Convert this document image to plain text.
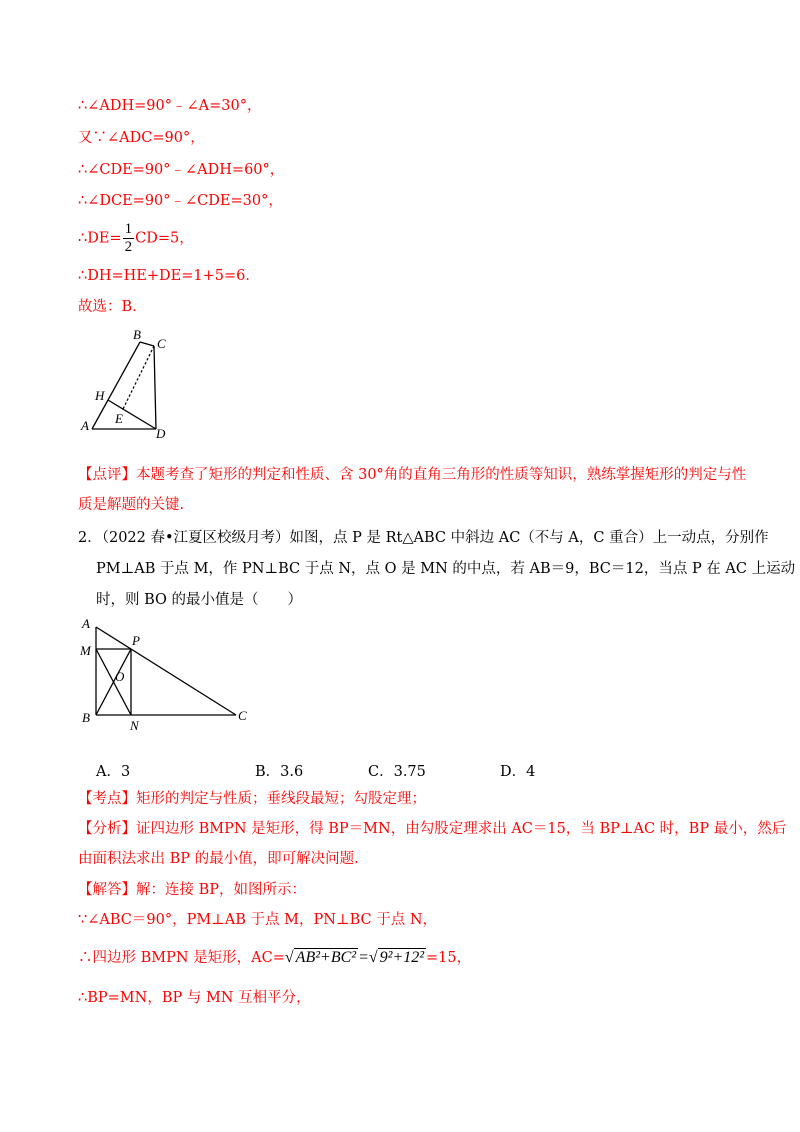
∴∠ADH=90°﹣∠A=30°，
又∵∠ADC=90°，
∴∠CDE=90°﹣∠ADH=60°，
∴∠DCE=90°﹣∠CDE=30°，
∴DE= $\frac{1}{2} CD=5$，
∴DH=HE+DE=1+5=6．
故选：B．
B
C
H
E
A
D
【点评】本题考查了矩形的判定和性质、含 30°角的直角三角形的性质等知识，熟练掌握矩形的判定与性
质是解题的关键.
2．（2022 春•江夏区校级月考）如图，点 P 是 Rt△ABC 中斜边 AC（不与 A，C 重合）上一动点，分别作
PM⊥AB 于点 M，作 PN⊥BC 于点 N，点 O 是 MN 的中点，若 AB＝9，BC＝12，当点 P 在 AC 上运动
时，则 BO 的最小值是（　　）
A
P
M
O
B
N
C
A．3	B．3.6	C．3.75	D．4
【考点】矩形的判定与性质；垂线段最短；勾股定理；
【分析】证四边形 BMPN 是矩形，得 BP＝MN，由勾股定理求出 AC＝15，当 BP⊥AC 时，BP 最小，然后
由面积法求出 BP 的最小值，即可解决问题.
【解答】解：连接 BP，如图所示：
∵∠ABC＝90°，PM⊥AB 于点 M，PN⊥BC 于点 N，
∴四边形 BMPN 是矩形，AC=√ AB²+BC² =√ 9²+12² =15，
∴BP=MN，BP 与 MN 互相平分，
